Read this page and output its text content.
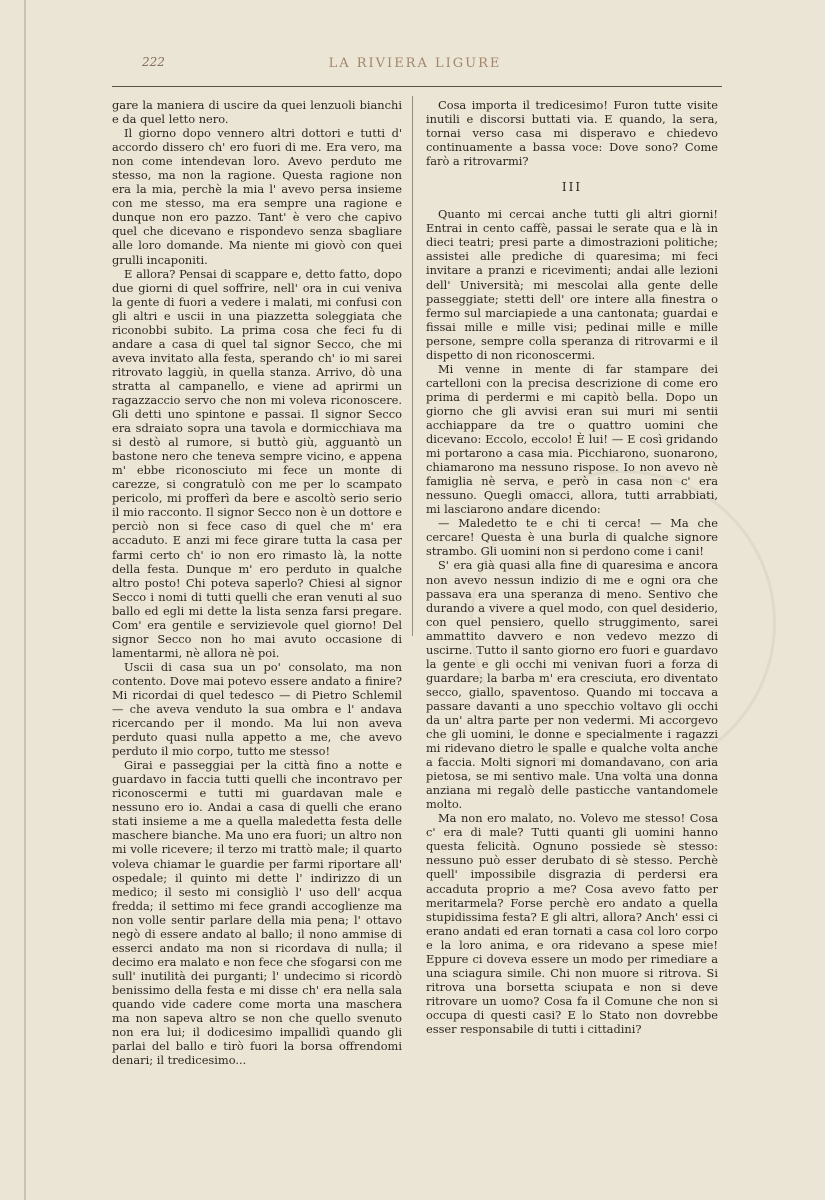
222	LA RIVIERA LIGURE

gare la maniera di uscire da quei lenzuoli bianchi e da quel letto nero.

Il giorno dopo vennero altri dottori e tutti d' accordo dissero ch' ero fuori di me. Era vero, ma non come intendevan loro. Avevo perduto me stesso, ma non la ragione. Questa ragione non era la mia, perchè la mia l' avevo persa insieme con me stesso, ma era sempre una ragione e dunque non ero pazzo. Tant' è vero che capivo quel che dicevano e rispondevo senza sbagliare alle loro domande. Ma niente mi giovò con quei grulli incaponiti.

E allora? Pensai di scappare e, detto fatto, dopo due giorni di quel soffrire, nell' ora in cui veniva la gente di fuori a vedere i malati, mi confusi con gli altri e uscii in una piazzetta soleggiata che riconobbi subito. La prima cosa che feci fu di andare a casa di quel tal signor Secco, che mi aveva invitato alla festa, sperando ch' io mi sarei ritrovato laggiù, in quella stanza. Arrivo, dò una stratta al campanello, e viene ad aprirmi un ragazzaccio servo che non mi voleva riconoscere. Gli detti uno spintone e passai. Il signor Secco era sdraiato sopra una tavola e dormicchiava ma si destò al rumore, si buttò giù, agguantò un bastone nero che teneva sempre vicino, e appena m' ebbe riconosciuto mi fece un monte di carezze, si congratulò con me per lo scampato pericolo, mi profferì da bere e ascoltò serio serio il mio racconto. Il signor Secco non è un dottore e perciò non si fece caso di quel che m' era accaduto. E anzi mi fece girare tutta la casa per farmi certo ch' io non ero rimasto là, la notte della festa. Dunque m' ero perduto in qualche altro posto! Chi poteva saperlo? Chiesi al signor Secco i nomi di tutti quelli che eran venuti al suo ballo ed egli mi dette la lista senza farsi pregare. Com' era gentile e servizievole quel giorno! Del signor Secco non ho mai avuto occasione di lamentarmi, nè allora nè poi.

Uscii di casa sua un po' consolato, ma non contento. Dove mai potevo essere andato a finire? Mi ricordai di quel tedesco — di Pietro Schlemil — che aveva venduto la sua ombra e l' andava ricercando per il mondo. Ma lui non aveva perduto quasi nulla appetto a me, che avevo perduto il mio corpo, tutto me stesso!

Girai e passeggiai per la città fino a notte e guardavo in faccia tutti quelli che incontravo per riconoscermi e tutti mi guardavan male e nessuno ero io. Andai a casa di quelli che erano stati insieme a me a quella maledetta festa delle maschere bianche. Ma uno era fuori; un altro non mi volle ricevere; il terzo mi trattò male; il quarto voleva chiamar le guardie per farmi riportare all' ospedale; il quinto mi dette l' indirizzo di un medico; il sesto mi consigliò l' uso dell' acqua fredda; il settimo mi fece grandi accoglienze ma non volle sentir parlare della mia pena; l' ottavo negò di essere andato al ballo; il nono ammise di esserci andato ma non si ricordava di nulla; il decimo era malato e non fece che sfogarsi con me sull' inutilità dei purganti; l' undecimo si ricordò benissimo della festa e mi disse ch' era nella sala quando vide cadere come morta una maschera ma non sapeva altro se non che quello svenuto non era lui; il dodicesimo impallidì quando gli parlai del ballo e tirò fuori la borsa offrendomi denari; il tredicesimo...

Cosa importa il tredicesimo! Furon tutte visite inutili e discorsi buttati via. E quando, la sera, tornai verso casa mi disperavo e chiedevo continuamente a bassa voce: Dove sono? Come farò a ritrovarmi?

III

Quanto mi cercai anche tutti gli altri giorni! Entrai in cento caffè, passai le serate qua e là in dieci teatri; presi parte a dimostrazioni politiche; assistei alle prediche di quaresima; mi feci invitare a pranzi e ricevimenti; andai alle lezioni dell' Università; mi mescolai alla gente delle passeggiate; stetti dell' ore intere alla finestra o fermo sul marciapiede a una cantonata; guardai e fissai mille e mille visi; pedinai mille e mille persone, sempre colla speranza di ritrovarmi e il dispetto di non riconoscermi.

Mi venne in mente di far stampare dei cartelloni con la precisa descrizione di come ero prima di perdermi e mi capitò bella. Dopo un giorno che gli avvisi eran sui muri mi sentii acchiappare da tre o quattro uomini che dicevano: Eccolo, eccolo! È lui! — E così gridando mi portarono a casa mia. Picchiarono, suonarono, chiamarono ma nessuno rispose. Io non avevo nè famiglia nè serva, e però in casa non c' era nessuno. Quegli omacci, allora, tutti arrabbiati, mi lasciarono andare dicendo:

— Maledetto te e chi ti cerca! — Ma che cercare! Questa è una burla di qualche signore strambo. Gli uomini non si perdono come i cani!

S' era già quasi alla fine di quaresima e ancora non avevo nessun indizio di me e ogni ora che passava era una speranza di meno. Sentivo che durando a vivere a quel modo, con quel desiderio, con quel pensiero, quello struggimento, sarei ammattito davvero e non vedevo mezzo di uscirne. Tutto il santo giorno ero fuori e guardavo la gente e gli occhi mi venivan fuori a forza di guardare; la barba m' era cresciuta, ero diventato secco, giallo, spaventoso. Quando mi toccava a passare davanti a uno specchio voltavo gli occhi da un' altra parte per non vedermi. Mi accorgevo che gli uomini, le donne e specialmente i ragazzi mi ridevano dietro le spalle e qualche volta anche a faccia. Molti signori mi domandavano, con aria pietosa, se mi sentivo male. Una volta una donna anziana mi regalò delle pasticche vantandomele molto.

Ma non ero malato, no. Volevo me stesso! Cosa c' era di male? Tutti quanti gli uomini hanno questa felicità. Ognuno possiede sè stesso: nessuno può esser derubato di sè stesso. Perchè quell' impossibile disgrazia di perdersi era accaduta proprio a me? Cosa avevo fatto per meritarmela? Forse perchè ero andato a quella stupidissima festa? E gli altri, allora? Anch' essi ci erano andati ed eran tornati a casa col loro corpo e la loro anima, e ora ridevano a spese mie! Eppure ci doveva essere un modo per rimediare a una sciagura simile. Chi non muore si ritrova. Si ritrova una borsetta sciupata e non si deve ritrovare un uomo? Cosa fa il Comune che non si occupa di questi casi? E lo Stato non dovrebbe esser responsabile di tutti i cittadini?
